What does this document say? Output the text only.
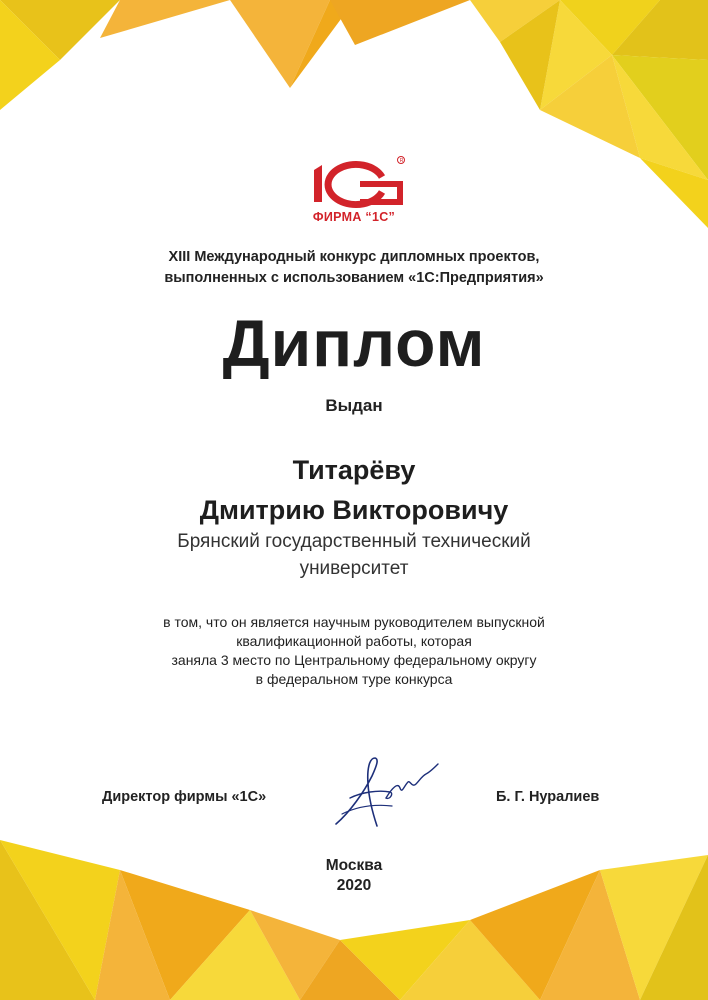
R
ФИРМА “1С”
XIII Международный конкурс дипломных проектов,
выполненных с использованием «1С:Предприятия»
Диплом
Выдан
Титарёву
Дмитрию Викторовичу
Брянский государственный технический
университет
в том, что он является научным руководителем выпускной
квалификационной работы, которая
заняла 3 место по Центральному федеральному округу
в федеральном туре конкурса
Директор фирмы «1С»	Б. Г. Нуралиев
Москва
2020
